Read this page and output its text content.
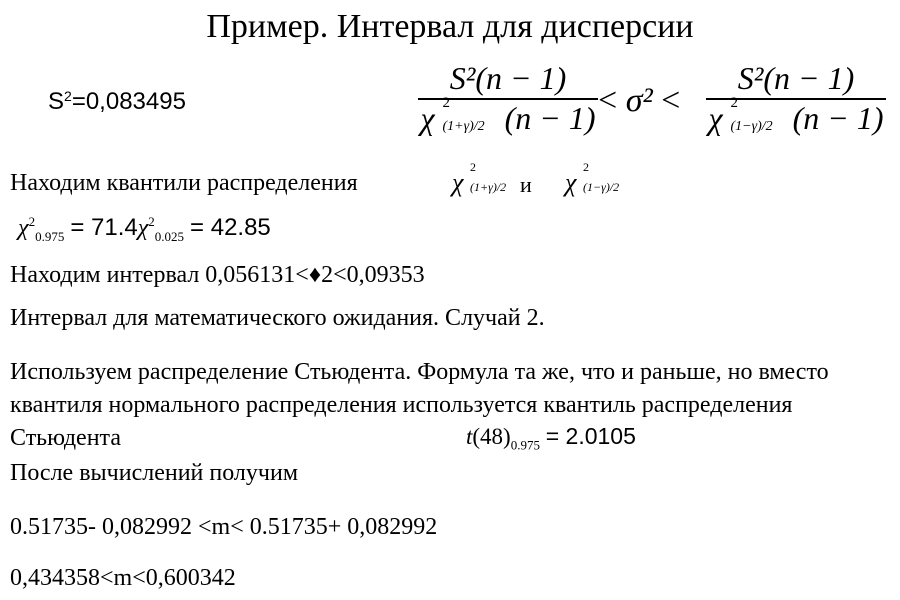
Пример. Интервал для дисперсии
$S^2=0,083495$
S²(n − 1)
χ 2
(1+γ)/2 (n − 1) < σ² <
S²(n − 1)
χ 2
(1−γ)/2 (n − 1)
Находим квантили распределения	χ
2
(1+γ)/2 и χ
2
(1−γ)/2
$\chi^2_{0.975} = 71.4\chi^2_{0.025} = 42.85$
Находим интервал 0,056131<♦2<0,09353
Интервал для математического ожидания. Случай 2.
Используем распределение Стьюдента. Формула та же, что и раньше, но вместо квантиля нормального распределения используется квантиль распределения Стьюдента	$t(48)_{0.975} = 2.0105$
После вычислений получим
0.51735- 0,082992 <m< 0.51735+ 0,082992
0,434358<m<0,600342
